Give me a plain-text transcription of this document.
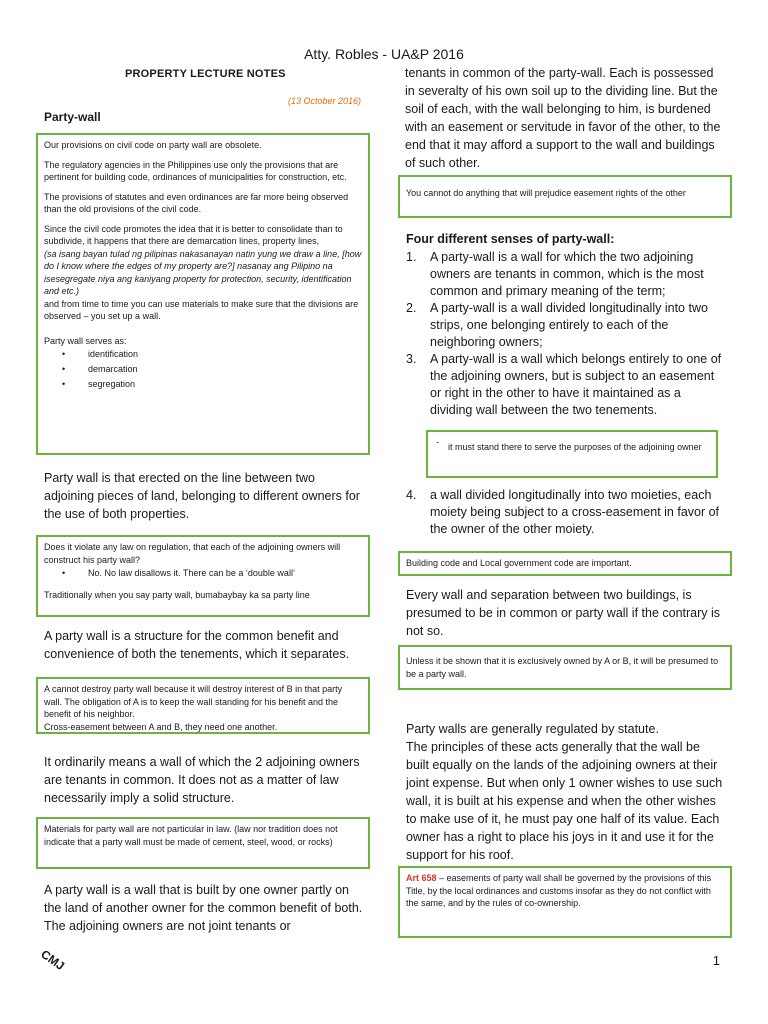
Atty. Robles - UA&P 2016
PROPERTY LECTURE NOTES
(13 October 2016)
Party-wall

Our provisions on civil code on party wall are obsolete.

The regulatory agencies in the Philippines use only the provisions that are pertinent for building code, ordinances of municipalities for construction, etc.

The provisions of statutes and even ordinances are far more being observed than the old provisions of the civil code.

Since the civil code promotes the idea that it is better to consolidate than to subdivide, it happens that there are demarcation lines, property lines,
(sa isang bayan tulad ng pilipinas nakasanayan natin yung we draw a line, [how do I know where the edges of my property are?] nasanay ang Pilipino na isesegregate niya ang kaniyang property for protection, security, identification and etc.)
and from time to time you can use materials to make sure that the divisions are observed – you set up a wall.

Party wall serves as:

• identification
• demarcation
• segregation
Party wall is that erected on the line between two adjoining pieces of land, belonging to different owners for the use of both properties.

Does it violate any law on regulation, that each of the adjoining owners will construct his party wall?

• No. No law disallows it. There can be a ‘double wall’

Traditionally when you say party wall, bumabaybay ka sa party line

A party wall is a structure for the common benefit and convenience of both the tenements, which it separates.

A cannot destroy party wall because it will destroy interest of B in that party wall. The obligation of A is to keep the wall standing for his benefit and the benefit of his neighbor.

Cross-easement between A and B, they need one another.

It ordinarily means a wall of which the 2 adjoining owners are tenants in common. It does not as a matter of law necessarily imply a solid structure.

Materials for party wall are not particular in law. (law nor tradition does not indicate that a party wall must be made of cement, steel, wood, or rocks)

A party wall is a wall that is built by one owner partly on the land of another owner for the common benefit of both. The adjoining owners are not joint tenants or
tenants in common of the party-wall. Each is possessed in severalty of his own soil up to the dividing line. But the soil of each, with the wall belonging to him, is burdened with an easement or servitude in favor of the other, to the end that it may afford a support to the wall and buildings of such other.

You cannot do anything that will prejudice easement rights of the other

Four different senses of party-wall:
1. A party-wall is a wall for which the two adjoining owners are tenants in common, which is the most common and primary meaning of the term;
2. A party-wall is a wall divided longitudinally into two strips, one belonging entirely to each of the neighboring owners;
3. A party-wall is a wall which belongs entirely to one of the adjoining owners, but is subject to an easement or right in the other to have it maintained as a dividing wall between the two tenements.
- it must stand there to serve the purposes of the adjoining owner
4. a wall divided longitudinally into two moieties, each moiety being subject to a cross-easement in favor of the owner of the other moiety.

Building code and Local government code are important.

Every wall and separation between two buildings, is presumed to be in common or party wall if the contrary is not so.

Unless it be shown that it is exclusively owned by A or B, it will be presumed to be a party wall.

Party walls are generally regulated by statute.

The principles of these acts generally that the wall be built equally on the lands of the adjoining owners at their joint expense. But when only 1 owner wishes to use such wall, it is built at his expense and when the other wishes to make use of it, he must pay one half of its value. Each owner has a right to place his joys in it and use it for the support for his roof.

Art 658 – easements of party wall shall be governed by the provisions of this Title, by the local ordinances and customs insofar as they do not conflict with the same, and by the rules of co-ownership.

CMJ	1
